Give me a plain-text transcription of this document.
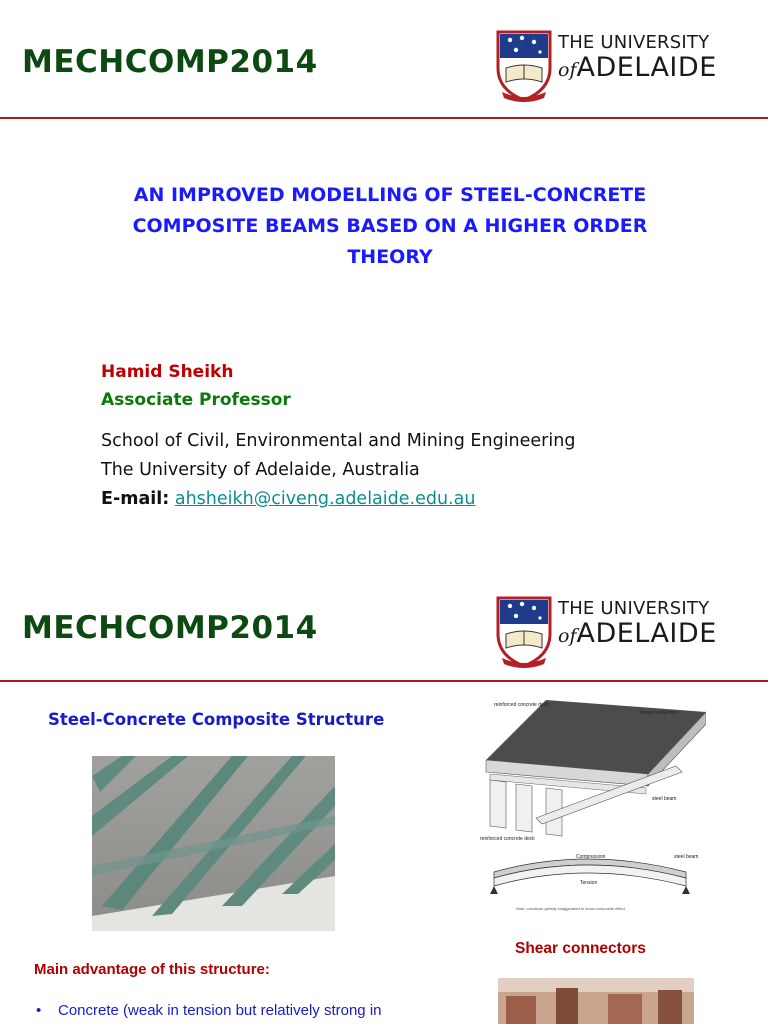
MECHCOMP2014
THE UNIVERSITY
ofADELAIDE
AN IMPROVED MODELLING OF STEEL-CONCRETE
COMPOSITE BEAMS BASED ON A HIGHER ORDER
THEORY
Hamid Sheikh
Associate Professor
School of Civil, Environmental and Mining Engineering
The University of Adelaide, Australia
E-mail: ahsheikh@civeng.adelaide.edu.au
MECHCOMP2014
THE UNIVERSITY
ofADELAIDE
Steel-Concrete Composite Structure
reinforced concrete deck
shear connectors
steel beam
reinforced concrete deck
steel beam
Compression
Tension
Note: curvature greatly exaggerated to show composite effect
Shear connectors
Main advantage of this structure:
• Concrete (weak in tension but relatively strong in
